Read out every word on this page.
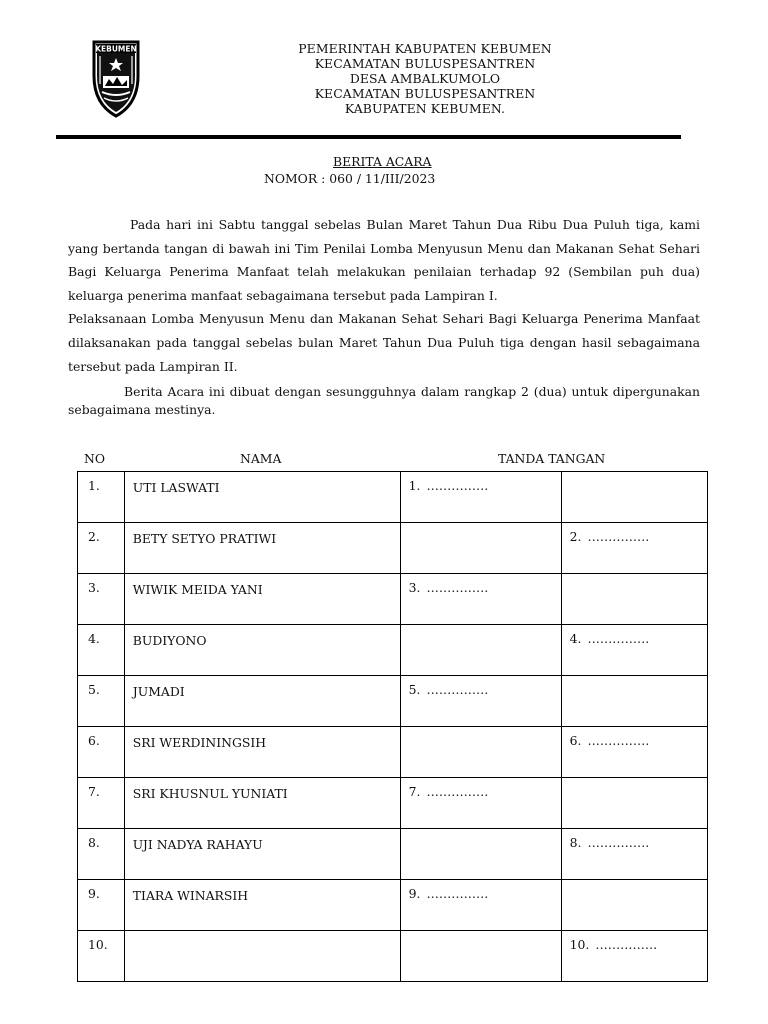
KEBUMEN	PEMERINTAH KABUPATEN KEBUMEN
KECAMATAN BULUSPESANTREN
DESA AMBALKUMOLO
KECAMATAN BULUSPESANTREN
KABUPATEN KEBUMEN.
BERITA ACARA
NOMOR : 060 / 11/III/2023

Pada hari ini Sabtu tanggal sebelas Bulan Maret Tahun Dua Ribu Dua Puluh tiga, kami yang bertanda tangan di bawah ini Tim Penilai Lomba Menyusun Menu dan Makanan Sehat Sehari Bagi Keluarga Penerima Manfaat telah melakukan penilaian terhadap 92 (Sembilan puh dua) keluarga penerima manfaat sebagaimana tersebut pada Lampiran I.

Pelaksanaan Lomba Menyusun Menu dan Makanan Sehat Sehari Bagi Keluarga Penerima Manfaat dilaksanakan pada tanggal sebelas bulan Maret Tahun Dua Puluh tiga dengan hasil sebagaimana tersebut pada Lampiran II.

Berita Acara ini dibuat dengan sesungguhnya dalam rangkap 2 (dua) untuk dipergunakan sebagaimana mestinya.

NO	NAMA	TANDA TANGAN
1.	UTI LASWATI	1. ……………	
2.	BETY SETYO PRATIWI		2. ……………
3.	WIWIK MEIDA YANI	3. ……………	
4.	BUDIYONO		4. ……………
5.	JUMADI	5. ……………	
6.	SRI WERDININGSIH		6. ……………
7.	SRI KHUSNUL YUNIATI	7. ……………	
8.	UJI NADYA RAHAYU		8. ……………
9.	TIARA WINARSIH	9. ……………	
10.			10. ……………
